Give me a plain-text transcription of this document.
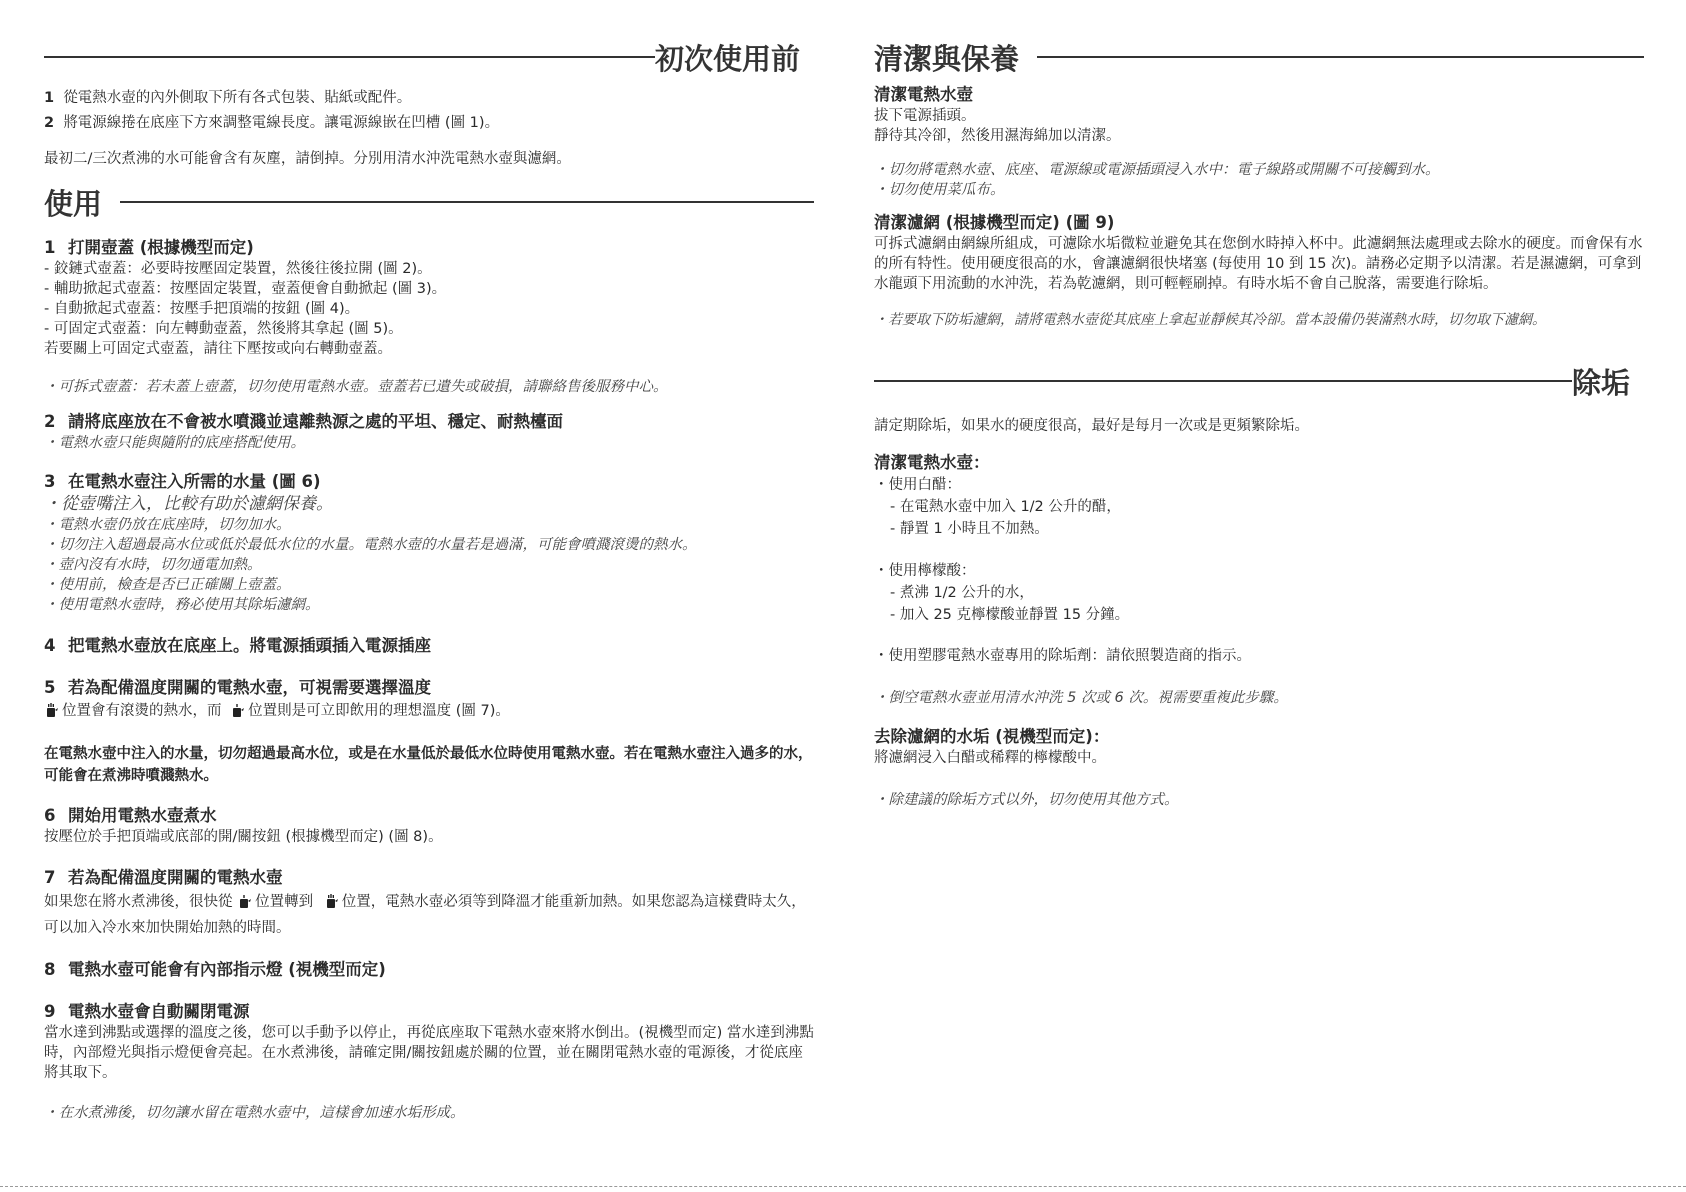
初次使用前
1 從電熱水壺的內外側取下所有各式包裝、貼紙或配件。
2 將電源線捲在底座下方來調整電線長度。讓電源線嵌在凹槽 (圖 1)。
最初二/三次煮沸的水可能會含有灰塵，請倒掉。分別用清水沖洗電熱水壺與濾網。
使用
1 打開壺蓋 (根據機型而定)
- 鉸鏈式壺蓋：必要時按壓固定裝置，然後往後拉開 (圖 2)。
- 輔助掀起式壺蓋：按壓固定裝置，壺蓋便會自動掀起 (圖 3)。
- 自動掀起式壺蓋：按壓手把頂端的按鈕 (圖 4)。
- 可固定式壺蓋：向左轉動壺蓋，然後將其拿起 (圖 5)。
若要關上可固定式壺蓋，請往下壓按或向右轉動壺蓋。
・可拆式壺蓋：若未蓋上壺蓋，切勿使用電熱水壺。壺蓋若已遺失或破損，請聯絡售後服務中心。
2 請將底座放在不會被水噴濺並遠離熱源之處的平坦、穩定、耐熱檯面
・電熱水壺只能與隨附的底座搭配使用。
3 在電熱水壺注入所需的水量 (圖 6)
・從壺嘴注入，比較有助於濾網保養。
・電熱水壺仍放在底座時，切勿加水。
・切勿注入超過最高水位或低於最低水位的水量。電熱水壺的水量若是過滿，可能會噴濺滾燙的熱水。
・壺內沒有水時，切勿通電加熱。
・使用前，檢查是否已正確關上壺蓋。
・使用電熱水壺時，務必使用其除垢濾網。
4 把電熱水壺放在底座上。將電源插頭插入電源插座
5 若為配備溫度開關的電熱水壺，可視需要選擇溫度
位置會有滾燙的熱水，而 位置則是可立即飲用的理想溫度 (圖 7)。
在電熱水壺中注入的水量，切勿超過最高水位，或是在水量低於最低水位時使用電熱水壺。若在電熱水壺注入過多的水，可能會在煮沸時噴濺熱水。
6 開始用電熱水壺煮水
按壓位於手把頂端或底部的開/關按鈕 (根據機型而定) (圖 8)。
7 若為配備溫度開關的電熱水壺
如果您在將水煮沸後，很快從 位置轉到 位置，電熱水壺必須等到降溫才能重新加熱。如果您認為這樣費時太久，可以加入冷水來加快開始加熱的時間。
8 電熱水壺可能會有內部指示燈 (視機型而定)
9 電熱水壺會自動關閉電源
當水達到沸點或選擇的溫度之後，您可以手動予以停止，再從底座取下電熱水壺來將水倒出。(視機型而定) 當水達到沸點時，內部燈光與指示燈便會亮起。在水煮沸後，請確定開/關按鈕處於關的位置，並在關閉電熱水壺的電源後，才從底座將其取下。
・在水煮沸後，切勿讓水留在電熱水壺中，這樣會加速水垢形成。
清潔與保養
清潔電熱水壺
拔下電源插頭。
靜待其冷卻，然後用濕海綿加以清潔。
・切勿將電熱水壺、底座、電源線或電源插頭浸入水中：電子線路或開關不可接觸到水。
・切勿使用菜瓜布。
清潔濾網 (根據機型而定) (圖 9)
可拆式濾網由網線所組成，可濾除水垢微粒並避免其在您倒水時掉入杯中。此濾網無法處理或去除水的硬度。而會保有水的所有特性。使用硬度很高的水，會讓濾網很快堵塞 (每使用 10 到 15 次)。請務必定期予以清潔。若是濕濾網，可拿到水龍頭下用流動的水沖洗，若為乾濾網，則可輕輕刷掉。有時水垢不會自己脫落，需要進行除垢。
・若要取下防垢濾網，請將電熱水壺從其底座上拿起並靜候其冷卻。當本設備仍裝滿熱水時，切勿取下濾網。
除垢
請定期除垢，如果水的硬度很高，最好是每月一次或是更頻繁除垢。
清潔電熱水壺：
・使用白醋：
- 在電熱水壺中加入 1/2 公升的醋，
- 靜置 1 小時且不加熱。
・使用檸檬酸：
- 煮沸 1/2 公升的水，
- 加入 25 克檸檬酸並靜置 15 分鐘。
・使用塑膠電熱水壺專用的除垢劑：請依照製造商的指示。
・倒空電熱水壺並用清水沖洗 5 次或 6 次。視需要重複此步驟。
去除濾網的水垢 (視機型而定)：
將濾網浸入白醋或稀釋的檸檬酸中。
・除建議的除垢方式以外，切勿使用其他方式。
